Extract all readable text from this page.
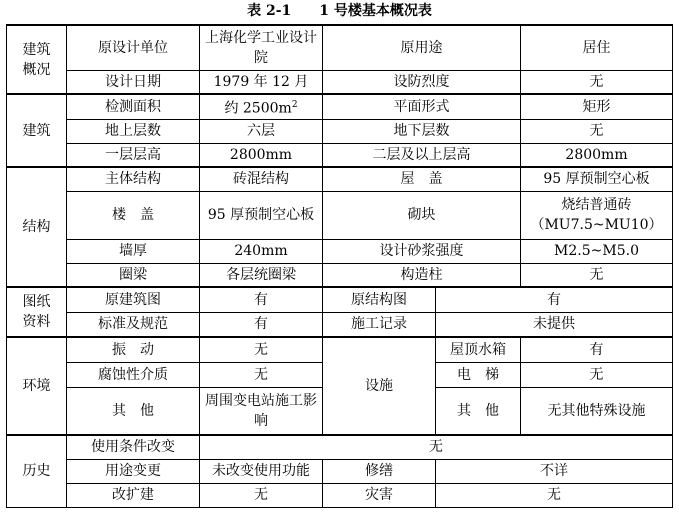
表 2-1　　1 号楼基本概况表
建筑
概况	原设计单位	上海化学工业设计
院	原用途		居住
	设计日期	1979 年 12 月	设防烈度		无
建筑	检测面积	约 $2500m^2$	平面形式		矩形
	地上层数	六层	地下层数		无
	一层层高	2800mm	二层及以上层高		2800mm
结构	主体结构	砖混结构	屋　盖		95 厚预制空心板
	楼　盖	95 厚预制空心板	砌块		烧结普通砖
（MU7.5~MU10）
	墙厚	240mm	设计砂浆强度		M2.5~M5.0
	圈梁	各层统圈梁	构造柱		无
图纸
资料	原建筑图	有	原结构图	有	
	标准及规范	有	施工记录	未提供	
环境	振　动	无	设施	屋顶水箱	有
	腐蚀性介质	无		电　梯	无
	其　他	周围变电站施工影
响		其　他	无其他特殊设施
历史	使用条件改变	无			
	用途变更	未改变使用功能	修缮	不详	
	改扩建	无	灾害	无	
